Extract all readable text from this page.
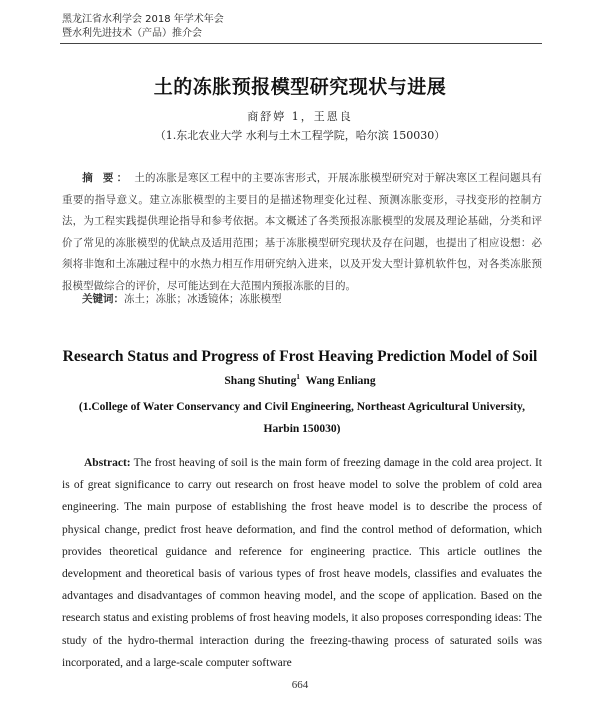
黑龙江省水利学会 2018 年学术年会
暨水利先进技术（产品）推介会
土的冻胀预报模型研究现状与进展
商舒婷 1，王恩良
（1.东北农业大学 水利与土木工程学院，哈尔滨 150030）
摘 要： 土的冻胀是寒区工程中的主要冻害形式，开展冻胀模型研究对于解决寒区工程问题具有重要的指导意义。建立冻胀模型的主要目的是描述物理变化过程、预测冻胀变形，寻找变形的控制方法，为工程实践提供理论指导和参考依据。本文概述了各类预报冻胀模型的发展及理论基础，分类和评价了常见的冻胀模型的优缺点及适用范围；基于冻胀模型研究现状及存在问题，也提出了相应设想：必须将非饱和土冻融过程中的水热力相互作用研究纳入进来，以及开发大型计算机软件包，对各类冻胀预报模型做综合的评价，尽可能达到在大范围内预报冻胀的目的。
关键词：冻土；冻胀；冰透镜体；冻胀模型
Research Status and Progress of Frost Heaving Prediction Model of Soil
Shang Shuting$^1$ Wang Enliang
(1.College of Water Conservancy and Civil Engineering, Northeast Agricultural University, Harbin 150030)
Abstract: The frost heaving of soil is the main form of freezing damage in the cold area project. It is of great significance to carry out research on frost heave model to solve the problem of cold area engineering. The main purpose of establishing the frost heave model is to describe the process of physical change, predict frost heave deformation, and find the control method of deformation, which provides theoretical guidance and reference for engineering practice. This article outlines the development and theoretical basis of various types of frost heave models, classifies and evaluates the advantages and disadvantages of common heaving model, and the scope of application. Based on the research status and existing problems of frost heaving models, it also proposes corresponding ideas: The study of the hydro-thermal interaction during the freezing-thawing process of saturated soils was incorporated, and a large-scale computer software
664
